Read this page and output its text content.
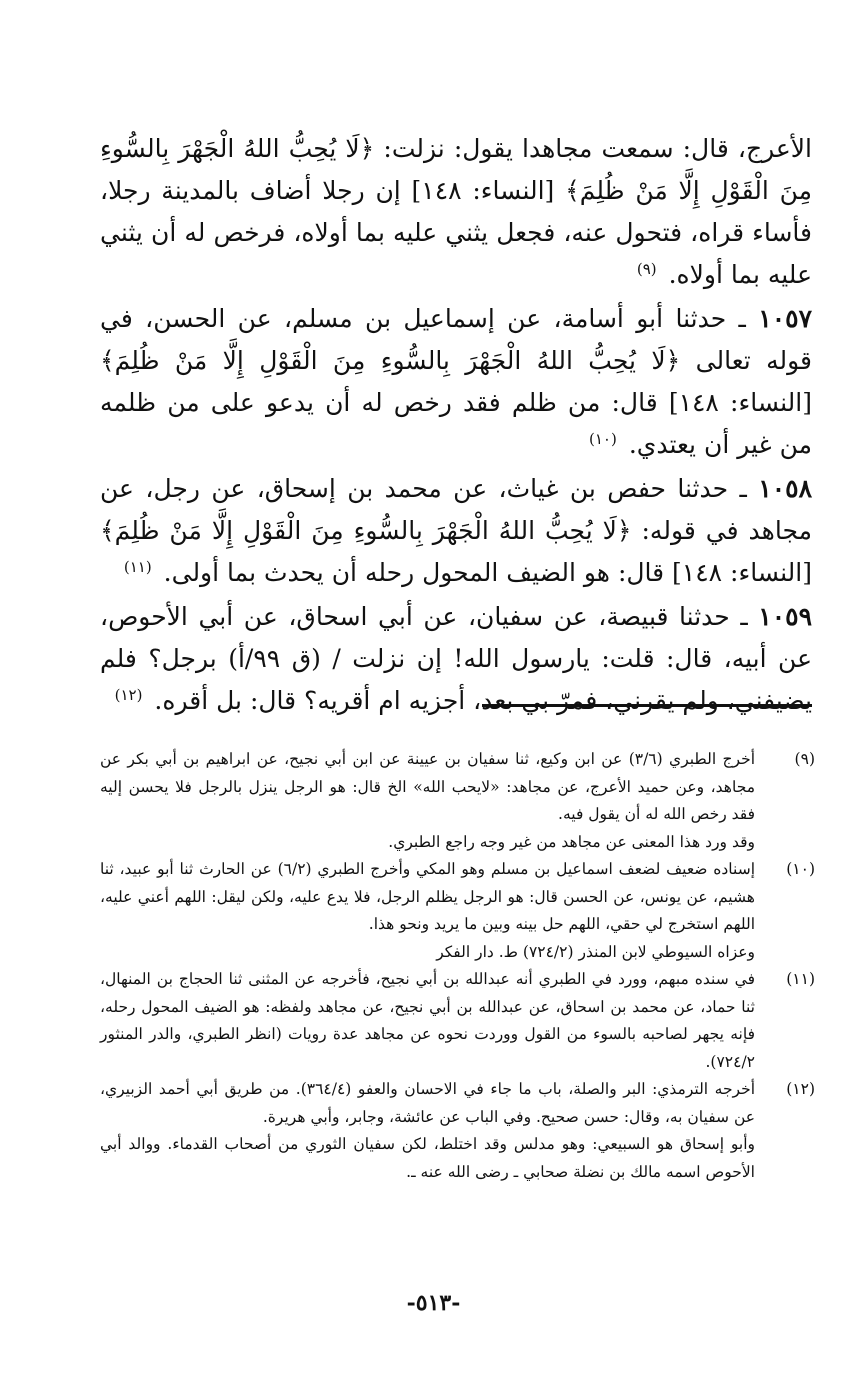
الأعرج، قال: سمعت مجاهدا يقول: نزلت: ﴿لَا يُحِبُّ اللهُ الْجَهْرَ بِالسُّوءِ مِنَ الْقَوْلِ إِلَّا مَنْ ظُلِمَ﴾ [النساء: ١٤٨] إن رجلا أضاف بالمدينة رجلا، فأساء قراه، فتحول عنه، فجعل يثني عليه بما أولاه، فرخص له أن يثني عليه بما أولاه. $^{(٩)}$

١٠٥٧ ـ حدثنا أبو أسامة، عن إسماعيل بن مسلم، عن الحسن، في قوله تعالى ﴿لَا يُحِبُّ اللهُ الْجَهْرَ بِالسُّوءِ مِنَ الْقَوْلِ إِلَّا مَنْ ظُلِمَ﴾ [النساء: ١٤٨] قال: من ظلم فقد رخص له أن يدعو على من ظلمه من غير أن يعتدي. $^{(١٠)}$

١٠٥٨ ـ حدثنا حفص بن غياث، عن محمد بن إسحاق، عن رجل، عن مجاهد في قوله: ﴿لَا يُحِبُّ اللهُ الْجَهْرَ بِالسُّوءِ مِنَ الْقَوْلِ إِلَّا مَنْ ظُلِمَ﴾ [النساء: ١٤٨] قال: هو الضيف المحول رحله أن يحدث بما أولى. $^{(١١)}$

١٠٥٩ ـ حدثنا قبيصة، عن سفيان، عن أبي اسحاق، عن أبي الأحوص، عن أبيه، قال: قلت: يارسول الله! إن نزلت / (ق ٩٩/أ) برجل؟ فلم يضيفني، ولم يقرني، فمرّ بي بعد، أجزيه ام أقريه؟ قال: بل أقره. $^{(١٢)}$

(٩)

أخرج الطبري (٣/٦) عن ابن وكيع، ثنا سفيان بن عيينة عن ابن أبي نجيح، عن ابراهيم بن أبي بكر عن مجاهد، وعن حميد الأعرج، عن مجاهد: «لايحب الله» الخ قال: هو الرجل ينزل بالرجل فلا يحسن إليه فقد رخص الله له أن يقول فيه.

وقد ورد هذا المعنى عن مجاهد من غير وجه راجع الطبري.

(١٠)

إسناده ضعيف لضعف اسماعيل بن مسلم وهو المكي وأخرج الطبري (٦/٢) عن الحارث ثنا أبو عبيد، ثنا هشيم، عن يونس، عن الحسن قال: هو الرجل يظلم الرجل، فلا يدع عليه، ولكن ليقل: اللهم أعني عليه، اللهم استخرج لي حقي، اللهم حل بينه وبين ما يريد ونحو هذا.

وعزاه السيوطي لابن المنذر (٧٢٤/٢) ط. دار الفكر

(١١)

في سنده مبهم، وورد في الطبري أنه عبدالله بن أبي نجيح، فأخرجه عن المثنى ثنا الحجاج بن المنهال، ثنا حماد، عن محمد بن اسحاق، عن عبدالله بن أبي نجيح، عن مجاهد ولفظه: هو الضيف المحول رحله، فإنه يجهر لصاحبه بالسوء من القول ووردت نحوه عن مجاهد عدة رويات (انظر الطبري، والدر المنثور ٧٢٤/٢).

(١٢)

أخرجه الترمذي: البر والصلة، باب ما جاء في الاحسان والعفو (٣٦٤/٤). من طريق أبي أحمد الزبيري، عن سفيان به، وقال: حسن صحيح. وفي الباب عن عائشة، وجابر، وأبي هريرة.

وأبو إسحاق هو السبيعي: وهو مدلس وقد اختلط، لكن سفيان الثوري من أصحاب القدماء. ووالد أبي الأحوص اسمه مالك بن نضلة صحابي ـ رضى الله عنه ـ.

-٥١٣-
